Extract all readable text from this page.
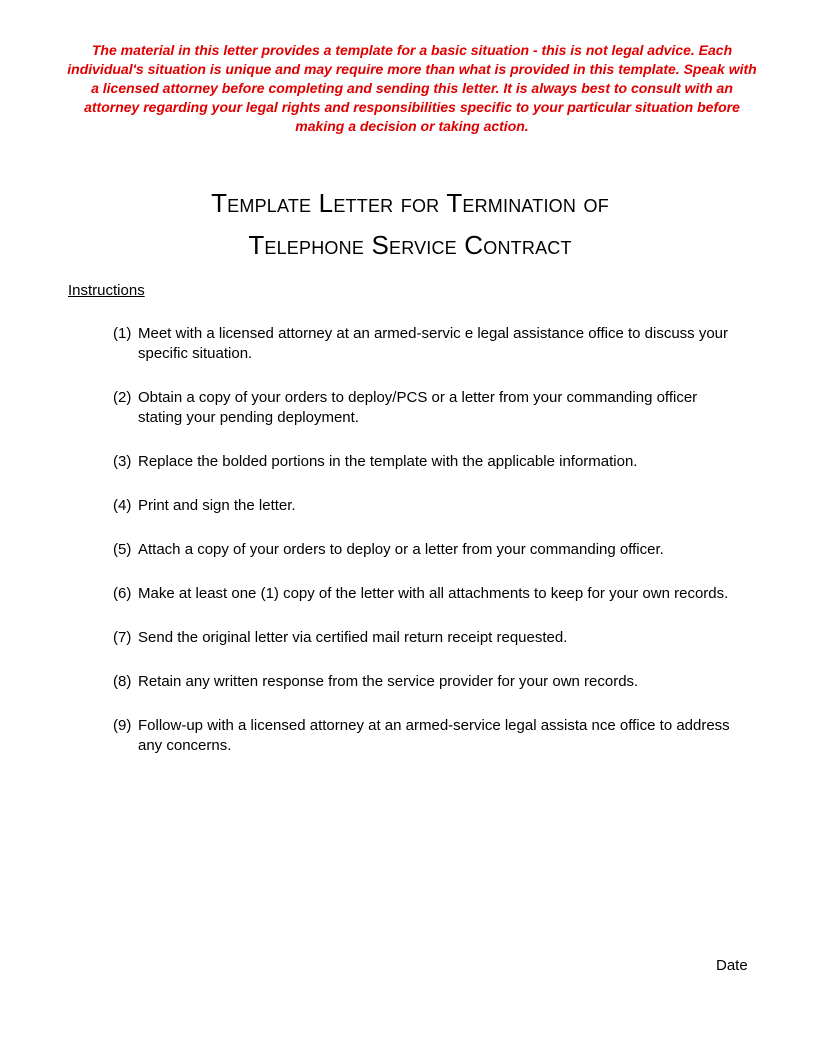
The material in this letter provides a template for a basic situation - this is not legal advice. Each individual's situation is unique and may require more than what is provided in this template. Speak with a licensed attorney before completing and sending this letter. It is always best to consult with an attorney regarding your legal rights and responsibilities specific to your particular situation before making a decision or taking action.
Template Letter for Termination of
Telephone Service Contract
Instructions
(1) Meet with a licensed attorney at an armed-servic e legal assistance office to discuss your specific situation.
(2) Obtain a copy of your orders to deploy/PCS or a letter from your commanding officer stating your pending deployment.
(3) Replace the bolded portions in the template with the applicable information.
(4) Print and sign the letter.
(5) Attach a copy of your orders to deploy or a letter from your commanding officer.
(6) Make at least one (1) copy of the letter with all attachments to keep for your own records.
(7) Send the original letter via certified mail return receipt requested.
(8) Retain any written response from the service provider for your own records.
(9) Follow-up with a licensed attorney at an armed-service legal assista nce office to address any concerns.
Date
